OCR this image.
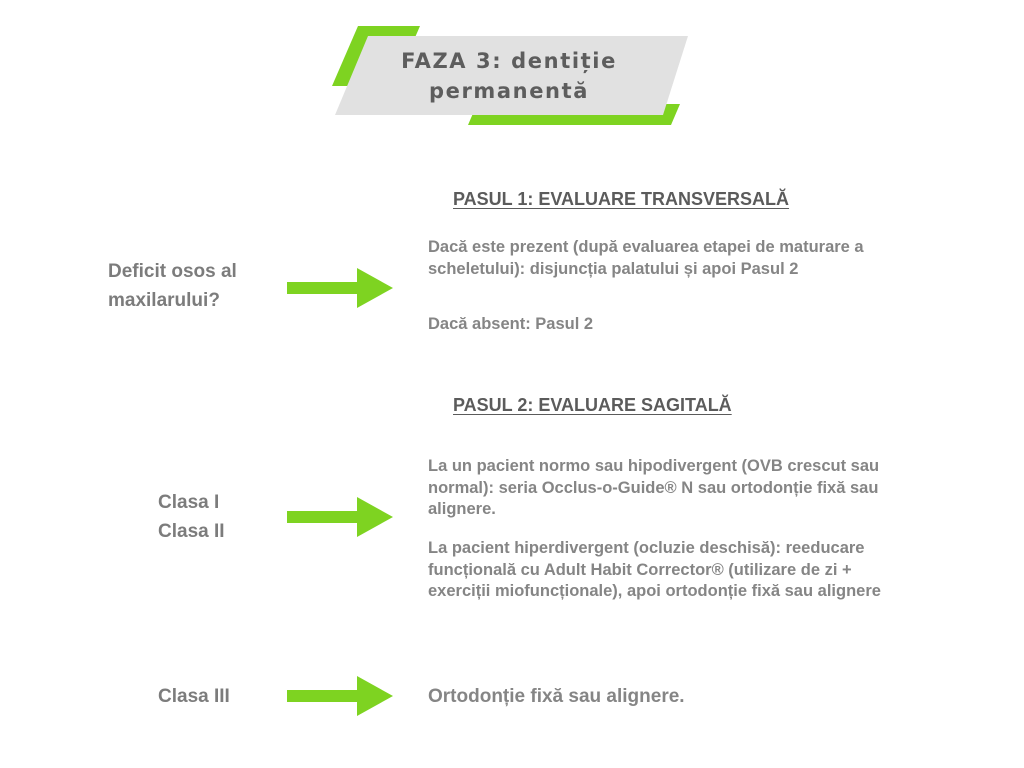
FAZA 3: dentiție
permanentă
PASUL 1: EVALUARE TRANSVERSALĂ
Deficit osos al
maxilarului?
Dacă este prezent (după evaluarea etapei de maturare a scheletului): disjuncția palatului și apoi Pasul 2
Dacă absent: Pasul 2
PASUL 2: EVALUARE SAGITALĂ
Clasa I
Clasa II
La un pacient normo sau hipodivergent (OVB crescut sau normal): seria Occlus-o-Guide® N sau ortodonție fixă sau alignere.
La pacient hiperdivergent (ocluzie deschisă): reeducare funcțională cu Adult Habit Corrector® (utilizare de zi + exerciții miofuncționale), apoi ortodonție fixă sau alignere
Clasa III	Ortodonție fixă sau alignere.
